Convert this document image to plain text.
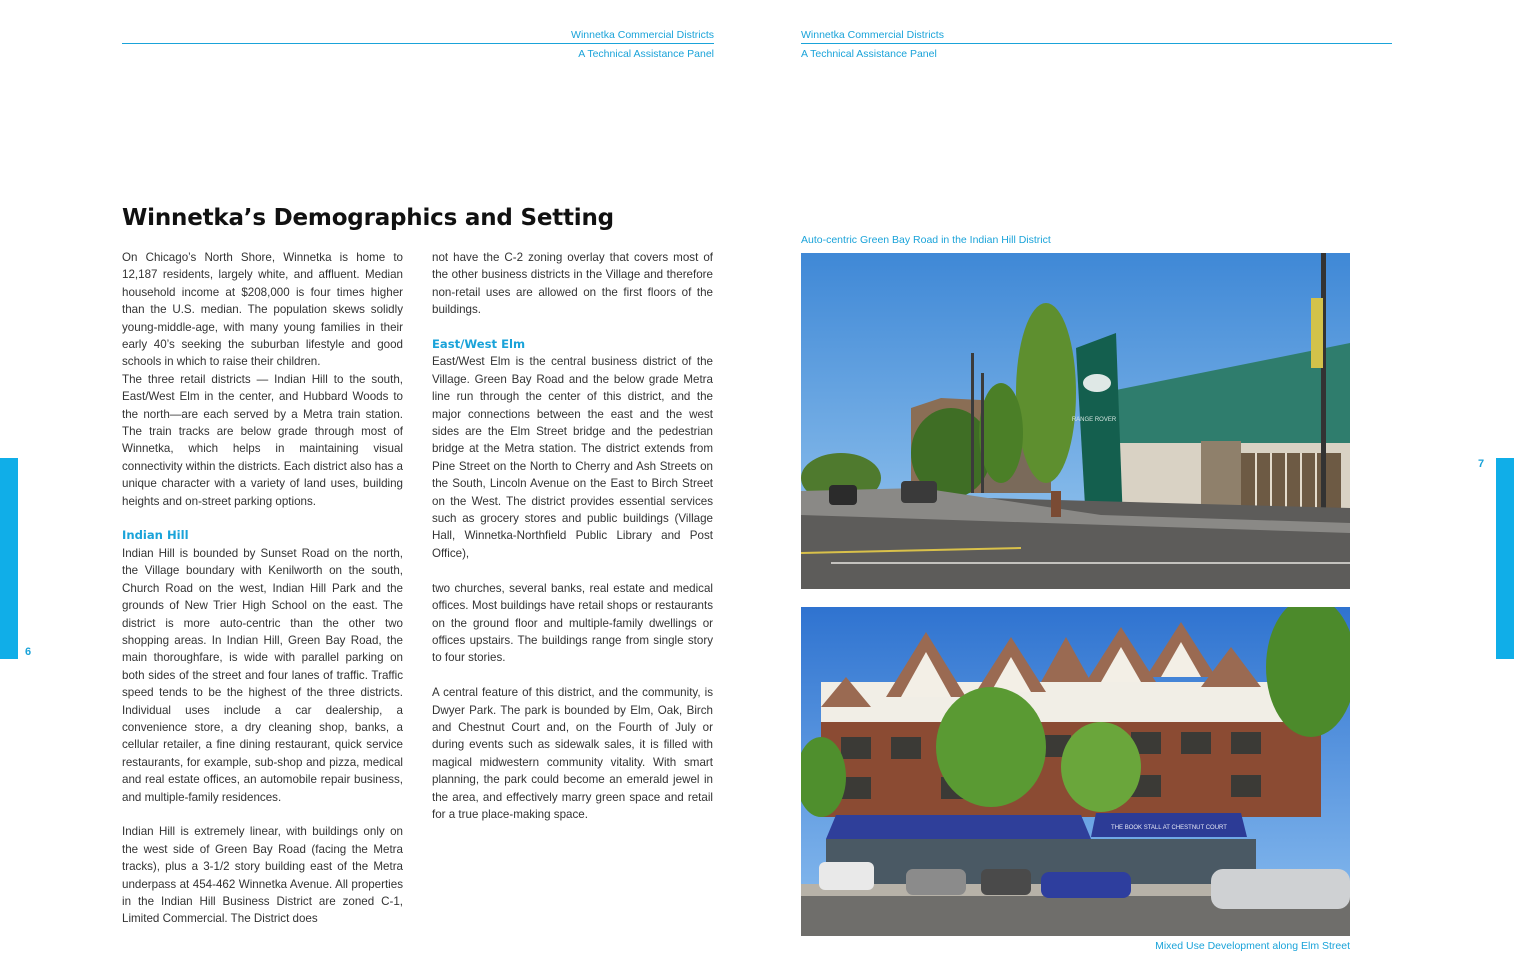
Winnetka Commercial Districts
A Technical Assistance Panel
Winnetka Commercial Districts
A Technical Assistance Panel
Winnetka’s Demographics and Setting

On Chicago’s North Shore, Winnetka is home to 12,187 residents, largely white, and affluent. Median household income at $208,000 is four times higher than the U.S. median. The population skews solidly young-middle-age, with many young families in their early 40’s seeking the suburban lifestyle and good schools in which to raise their children.

The three retail districts — Indian Hill to the south, East/West Elm in the center, and Hubbard Woods to the north—are each served by a Metra train station. The train tracks are below grade through most of Winnetka, which helps in maintaining visual connectivity within the districts. Each district also has a unique character with a variety of land uses, building heights and on-street parking options.

Indian Hill

Indian Hill is bounded by Sunset Road on the north, the Village boundary with Kenilworth on the south, Church Road on the west, Indian Hill Park and the grounds of New Trier High School on the east. The district is more auto-centric than the other two shopping areas. In Indian Hill, Green Bay Road, the main thoroughfare, is wide with parallel parking on both sides of the street and four lanes of traffic. Traffic speed tends to be the highest of the three districts. Individual uses include a car dealership, a convenience store, a dry cleaning shop, banks, a cellular retailer, a fine dining restaurant, quick service restaurants, for example, sub-shop and pizza, medical and real estate offices, an automobile repair business, and multiple-family residences.

Indian Hill is extremely linear, with buildings only on the west side of Green Bay Road (facing the Metra tracks), plus a 3-1/2 story building east of the Metra underpass at 454-462 Winnetka Avenue. All properties in the Indian Hill Business District are zoned C-1, Limited Commercial. The District does

not have the C-2 zoning overlay that covers most of the other business districts in the Village and therefore non-retail uses are allowed on the first floors of the buildings.

East/West Elm

East/West Elm is the central business district of the Village. Green Bay Road and the below grade Metra line run through the center of this district, and the major connections between the east and the west sides are the Elm Street bridge and the pedestrian bridge at the Metra station. The district extends from Pine Street on the North to Cherry and Ash Streets on the South, Lincoln Avenue on the East to Birch Street on the West. The district provides essential services such as grocery stores and public buildings (Village Hall, Winnetka-Northfield Public Library and Post Office),

two churches, several banks, real estate and medical offices. Most buildings have retail shops or restaurants on the ground floor and multiple-family dwellings or offices upstairs. The buildings range from single story to four stories.

A central feature of this district, and the community, is Dwyer Park. The park is bounded by Elm, Oak, Birch and Chestnut Court and, on the Fourth of July or during events such as sidewalk sales, it is filled with magical midwestern community vitality. With smart planning, the park could become an emerald jewel in the area, and effectively marry green space and retail for a true place-making space.

Auto-centric Green Bay Road in the Indian Hill District
Mixed Use Development along Elm Street
RANGE ROVER
THE BOOK STALL AT CHESTNUT COURT
6
7
